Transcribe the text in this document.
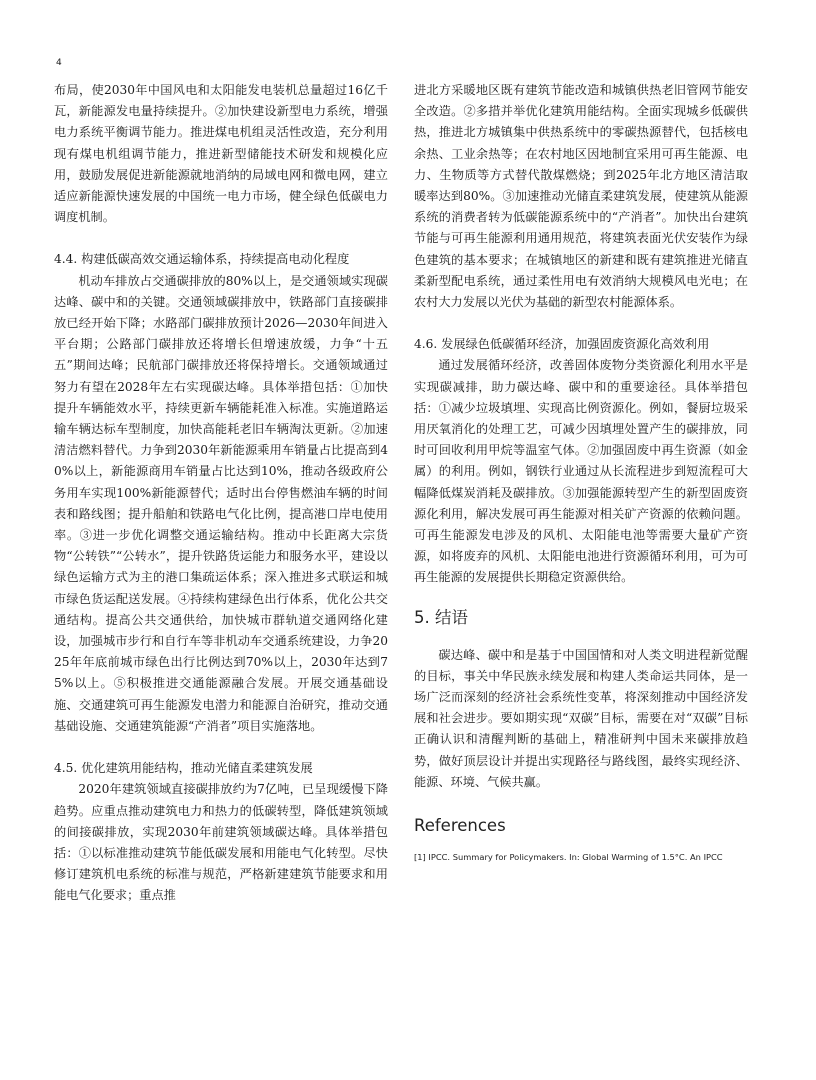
4

布局，使2030年中国风电和太阳能发电装机总量超过16亿千瓦，新能源发电量持续提升。②加快建设新型电力系统，增强电力系统平衡调节能力。推进煤电机组灵活性改造，充分利用现有煤电机组调节能力，推进新型储能技术研发和规模化应用，鼓励发展促进新能源就地消纳的局域电网和微电网，建立适应新能源快速发展的中国统一电力市场，健全绿色低碳电力调度机制。

4.4. 构建低碳高效交通运输体系，持续提高电动化程度

机动车排放占交通碳排放的80%以上，是交通领域实现碳达峰、碳中和的关键。交通领域碳排放中，铁路部门直接碳排放已经开始下降；水路部门碳排放预计2026—2030年间进入平台期；公路部门碳排放还将增长但增速放缓，力争“十五五”期间达峰；民航部门碳排放还将保持增长。交通领域通过努力有望在2028年左右实现碳达峰。具体举措包括：①加快提升车辆能效水平，持续更新车辆能耗准入标准。实施道路运输车辆达标车型制度，加快高能耗老旧车辆淘汰更新。②加速清洁燃料替代。力争到2030年新能源乘用车销量占比提高到40%以上，新能源商用车销量占比达到10%，推动各级政府公务用车实现100%新能源替代；适时出台停售燃油车辆的时间表和路线图；提升船舶和铁路电气化比例，提高港口岸电使用率。③进一步优化调整交通运输结构。推动中长距离大宗货物“公转铁”“公转水”，提升铁路货运能力和服务水平，建设以绿色运输方式为主的港口集疏运体系；深入推进多式联运和城市绿色货运配送发展。④持续构建绿色出行体系，优化公共交通结构。提高公共交通供给，加快城市群轨道交通网络化建设，加强城市步行和自行车等非机动车交通系统建设，力争2025年年底前城市绿色出行比例达到70%以上，2030年达到75%以上。⑤积极推进交通能源融合发展。开展交通基础设施、交通建筑可再生能源发电潜力和能源自治研究，推动交通基础设施、交通建筑能源“产消者”项目实施落地。

4.5. 优化建筑用能结构，推动光储直柔建筑发展

2020年建筑领域直接碳排放约为7亿吨，已呈现缓慢下降趋势。应重点推动建筑电力和热力的低碳转型，降低建筑领域的间接碳排放，实现2030年前建筑领域碳达峰。具体举措包括：①以标准推动建筑节能低碳发展和用能电气化转型。尽快修订建筑机电系统的标准与规范，严格新建建筑节能要求和用能电气化要求；重点推

进北方采暖地区既有建筑节能改造和城镇供热老旧管网节能安全改造。②多措并举优化建筑用能结构。全面实现城乡低碳供热，推进北方城镇集中供热系统中的零碳热源替代，包括核电余热、工业余热等；在农村地区因地制宜采用可再生能源、电力、生物质等方式替代散煤燃烧；到2025年北方地区清洁取暖率达到80%。③加速推动光储直柔建筑发展，使建筑从能源系统的消费者转为低碳能源系统中的“产消者”。加快出台建筑节能与可再生能源利用通用规范，将建筑表面光伏安装作为绿色建筑的基本要求；在城镇地区的新建和既有建筑推进光储直柔新型配电系统，通过柔性用电有效消纳大规模风电光电；在农村大力发展以光伏为基础的新型农村能源体系。

4.6. 发展绿色低碳循环经济，加强固废资源化高效利用

通过发展循环经济，改善固体废物分类资源化利用水平是实现碳减排，助力碳达峰、碳中和的重要途径。具体举措包括：①减少垃圾填埋、实现高比例资源化。例如，餐厨垃圾采用厌氧消化的处理工艺，可减少因填埋处置产生的碳排放，同时可回收利用甲烷等温室气体。②加强固废中再生资源（如金属）的利用。例如，钢铁行业通过从长流程进步到短流程可大幅降低煤炭消耗及碳排放。③加强能源转型产生的新型固废资源化利用，解决发展可再生能源对相关矿产资源的依赖问题。可再生能源发电涉及的风机、太阳能电池等需要大量矿产资源，如将废弃的风机、太阳能电池进行资源循环利用，可为可再生能源的发展提供长期稳定资源供给。

5. 结语

碳达峰、碳中和是基于中国国情和对人类文明进程新觉醒的目标，事关中华民族永续发展和构建人类命运共同体，是一场广泛而深刻的经济社会系统性变革，将深刻推动中国经济发展和社会进步。要如期实现“双碳”目标，需要在对“双碳”目标正确认识和清醒判断的基础上，精准研判中国未来碳排放趋势，做好顶层设计并提出实现路径与路线图，最终实现经济、能源、环境、气候共赢。

References
[1] IPCC. Summary for Policymakers. In: Global Warming of 1.5°C. An IPCC
